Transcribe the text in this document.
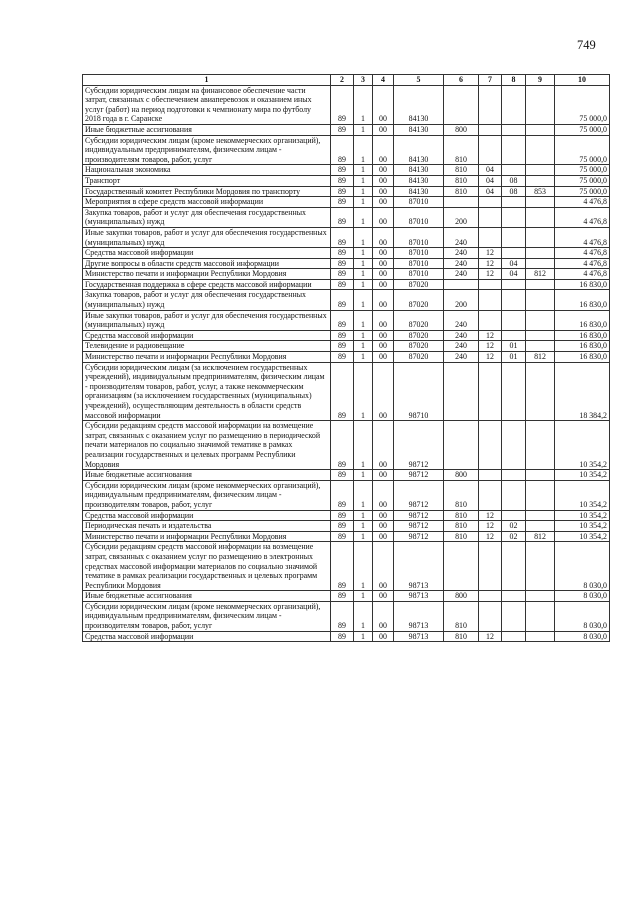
749
1	2	3	4	5	6	7	8	9	10
Субсидии юридическим лицам на финансовое обеспечение части затрат, связанных с обеспечением авиаперевозок и оказанием иных услуг (работ) на период подготовки к чемпионату мира по футболу 2018 года в г. Саранске	89	1	00	84130					75 000,0
Иные бюджетные ассигнования	89	1	00	84130	800				75 000,0
Субсидии юридическим лицам (кроме некоммерческих организаций), индивидуальным предпринимателям, физическим лицам - производителям товаров, работ, услуг	89	1	00	84130	810				75 000,0
Национальная экономика	89	1	00	84130	810	04			75 000,0
Транспорт	89	1	00	84130	810	04	08		75 000,0
Государственный комитет Республики Мордовия по транспорту	89	1	00	84130	810	04	08	853	75 000,0
Мероприятия в сфере средств массовой информации	89	1	00	87010					4 476,8
Закупка товаров, работ и услуг для обеспечения государственных (муниципальных) нужд	89	1	00	87010	200				4 476,8
Иные закупки товаров, работ и услуг для обеспечения государственных (муниципальных) нужд	89	1	00	87010	240				4 476,8
Средства массовой информации	89	1	00	87010	240	12			4 476,8
Другие вопросы в области средств массовой информации	89	1	00	87010	240	12	04		4 476,8
Министерство печати и информации Республики Мордовия	89	1	00	87010	240	12	04	812	4 476,8
Государственная поддержка в сфере средств массовой информации	89	1	00	87020					16 830,0
Закупка товаров, работ и услуг для обеспечения государственных (муниципальных) нужд	89	1	00	87020	200				16 830,0
Иные закупки товаров, работ и услуг для обеспечения государственных (муниципальных) нужд	89	1	00	87020	240				16 830,0
Средства массовой информации	89	1	00	87020	240	12			16 830,0
Телевидение и радиовещание	89	1	00	87020	240	12	01		16 830,0
Министерство печати и информации Республики Мордовия	89	1	00	87020	240	12	01	812	16 830,0
Субсидии юридическим лицам (за исключением государственных учреждений), индивидуальным предпринимателям, физическим лицам - производителям товаров, работ, услуг, а также некоммерческим организациям (за исключением государственных (муниципальных) учреждений), осуществляющим деятельность в области средств массовой информации	89	1	00	98710					18 384,2
Субсидии редакциям средств массовой информации на возмещение затрат, связанных с оказанием услуг по размещению в периодической печати материалов по социально значимой тематике в рамках реализации государственных и целевых программ Республики Мордовия	89	1	00	98712					10 354,2
Иные бюджетные ассигнования	89	1	00	98712	800				10 354,2
Субсидии юридическим лицам (кроме некоммерческих организаций), индивидуальным предпринимателям, физическим лицам - производителям товаров, работ, услуг	89	1	00	98712	810				10 354,2
Средства массовой информации	89	1	00	98712	810	12			10 354,2
Периодическая печать и издательства	89	1	00	98712	810	12	02		10 354,2
Министерство печати и информации Республики Мордовия	89	1	00	98712	810	12	02	812	10 354,2
Субсидии редакциям средств массовой информации на возмещение затрат, связанных с оказанием услуг по размещению в электронных средствах массовой информации материалов по социально значимой тематике в рамках реализации государственных и целевых программ Республики Мордовия	89	1	00	98713					8 030,0
Иные бюджетные ассигнования	89	1	00	98713	800				8 030,0
Субсидии юридическим лицам (кроме некоммерческих организаций), индивидуальным предпринимателям, физическим лицам - производителям товаров, работ, услуг	89	1	00	98713	810				8 030,0
Средства массовой информации	89	1	00	98713	810	12			8 030,0
